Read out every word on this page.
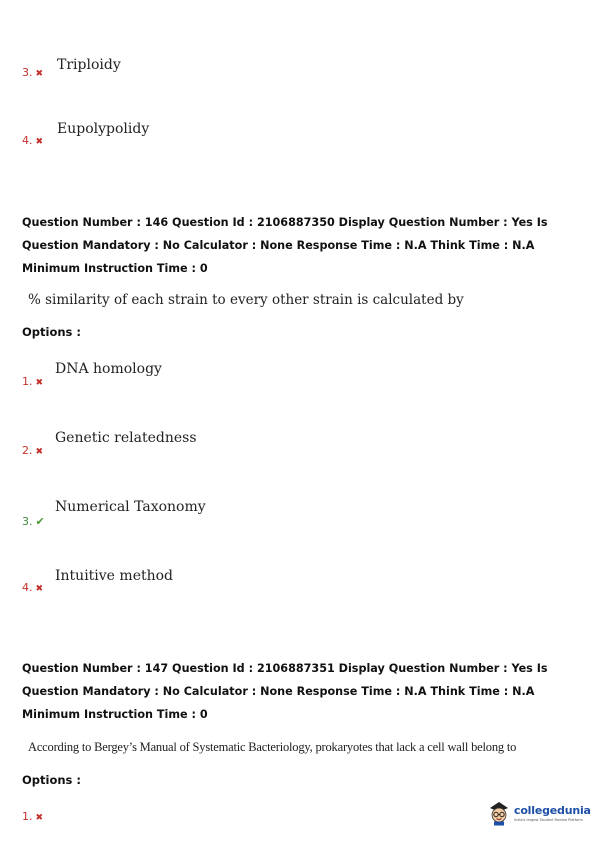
3. ✖
Triploidy
4. ✖
Eupolypolidy
Question Number : 146 Question Id : 2106887350 Display Question Number : Yes Is Question Mandatory : No Calculator : None Response Time : N.A Think Time : N.A Minimum Instruction Time : 0
% similarity of each strain to every other strain is calculated by
Options :
1. ✖
DNA homology
2. ✖
Genetic relatedness
3. ✔
Numerical Taxonomy
4. ✖
Intuitive method
Question Number : 147 Question Id : 2106887351 Display Question Number : Yes Is Question Mandatory : No Calculator : None Response Time : N.A Think Time : N.A Minimum Instruction Time : 0
According to Bergey’s Manual of Systematic Bacteriology, prokaryotes that lack a cell wall belong to
Options :
1. ✖
collegedunia
India's largest Student Review Platform
